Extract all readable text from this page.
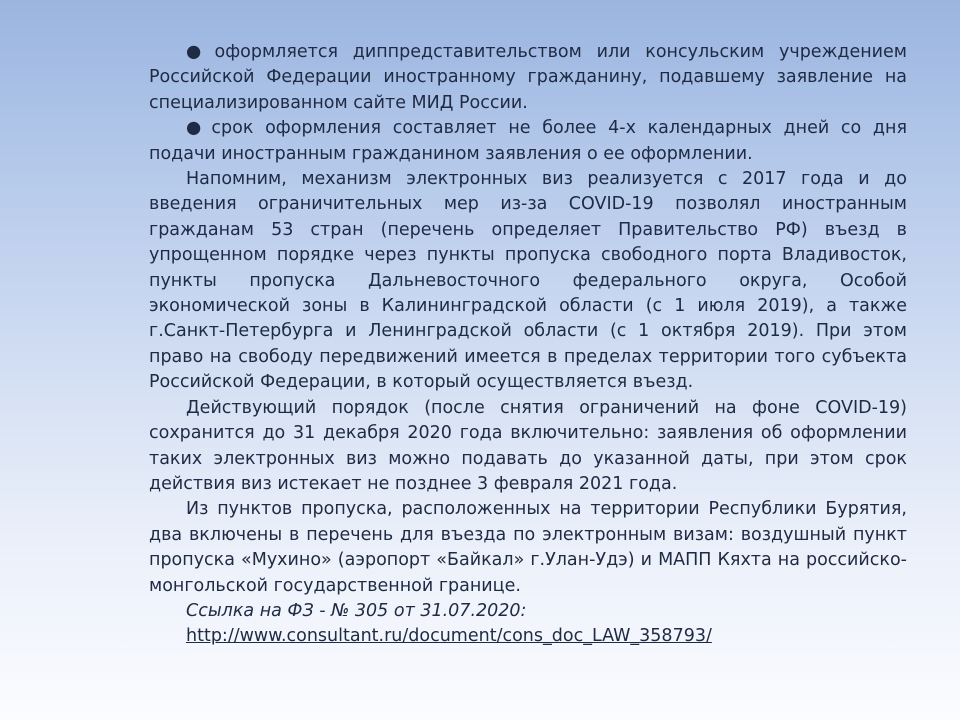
● оформляется диппредставительством или консульским учреждением Российской Федерации иностранному гражданину, подавшему заявление на специализированном сайте МИД России.

● срок оформления составляет не более 4-х календарных дней со дня подачи иностранным гражданином заявления о ее оформлении.

Напомним, механизм электронных виз реализуется с 2017 года и до введения ограничительных мер из-за COVID-19 позволял иностранным гражданам 53 стран (перечень определяет Правительство РФ) въезд в упрощенном порядке через пункты пропуска свободного порта Владивосток, пункты пропуска Дальневосточного федерального округа, Особой экономической зоны в Калининградской области (с 1 июля 2019), а также г.Санкт-Петербурга и Ленинградской области (с 1 октября 2019). При этом право на свободу передвижений имеется в пределах территории того субъекта Российской Федерации, в который осуществляется въезд.

Действующий порядок (после снятия ограничений на фоне COVID-19) сохранится до 31 декабря 2020 года включительно: заявления об оформлении таких электронных виз можно подавать до указанной даты, при этом срок действия виз истекает не позднее 3 февраля 2021 года.

Из пунктов пропуска, расположенных на территории Республики Бурятия, два включены в перечень для въезда по электронным визам: воздушный пункт пропуска «Мухино» (аэропорт «Байкал» г.Улан-Удэ) и МАПП Кяхта на российско-монгольской государственной границе.

Ссылка на ФЗ - № 305 от 31.07.2020:

http://www.consultant.ru/document/cons_doc_LAW_358793/
